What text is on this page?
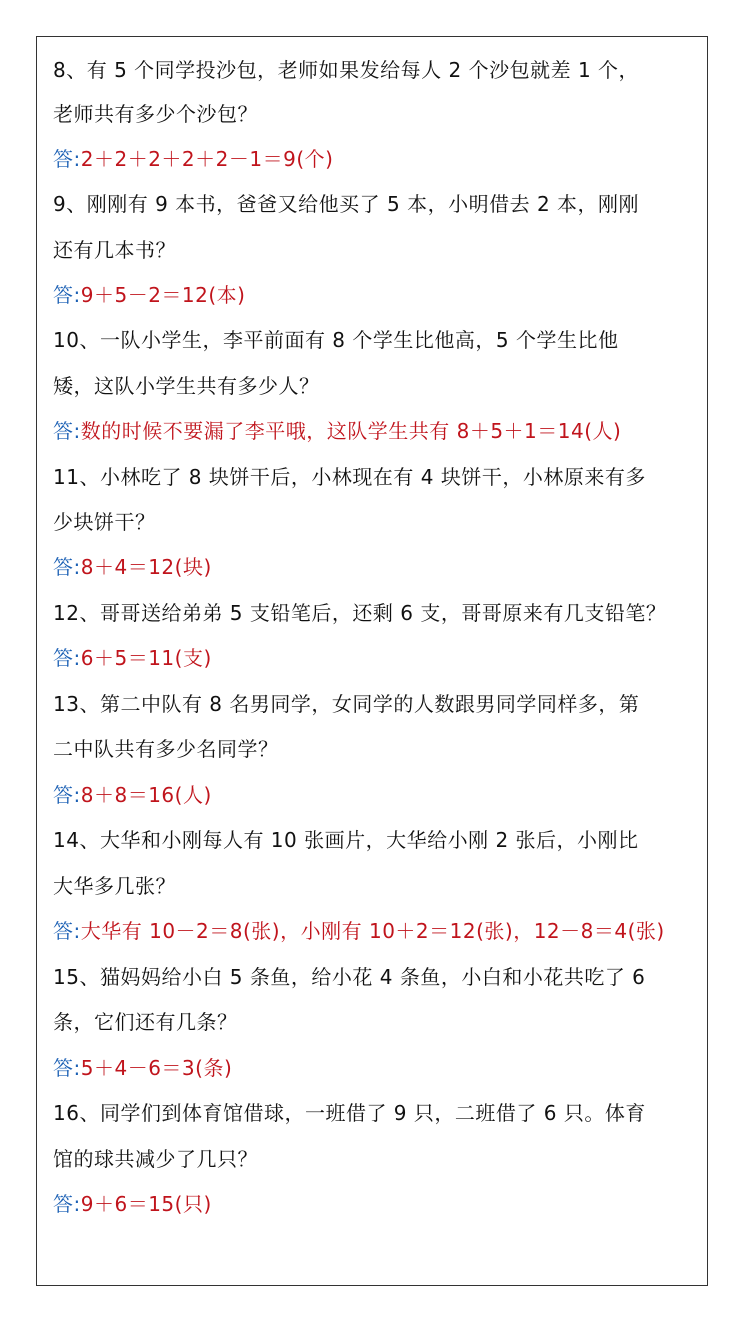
8、有 5 个同学投沙包，老师如果发给每人 2 个沙包就差 1 个，
老师共有多少个沙包？
答:2＋2＋2＋2＋2－1＝9(个)
9、刚刚有 9 本书，爸爸又给他买了 5 本，小明借去 2 本，刚刚
还有几本书？
答:9＋5－2＝12(本)
10、一队小学生，李平前面有 8 个学生比他高，5 个学生比他
矮，这队小学生共有多少人？
答:数的时候不要漏了李平哦，这队学生共有 8＋5＋1＝14(人)
11、小林吃了 8 块饼干后，小林现在有 4 块饼干，小林原来有多
少块饼干？
答:8＋4＝12(块)
12、哥哥送给弟弟 5 支铅笔后，还剩 6 支，哥哥原来有几支铅笔？
答:6＋5＝11(支)
13、第二中队有 8 名男同学，女同学的人数跟男同学同样多，第
二中队共有多少名同学？
答:8＋8＝16(人)
14、大华和小刚每人有 10 张画片，大华给小刚 2 张后，小刚比
大华多几张？
答:大华有 10－2＝8(张)，小刚有 10＋2＝12(张)，12－8＝4(张)
15、猫妈妈给小白 5 条鱼，给小花 4 条鱼，小白和小花共吃了 6
条，它们还有几条？
答:5＋4－6＝3(条)
16、同学们到体育馆借球，一班借了 9 只，二班借了 6 只。体育
馆的球共减少了几只？
答:9＋6＝15(只)
